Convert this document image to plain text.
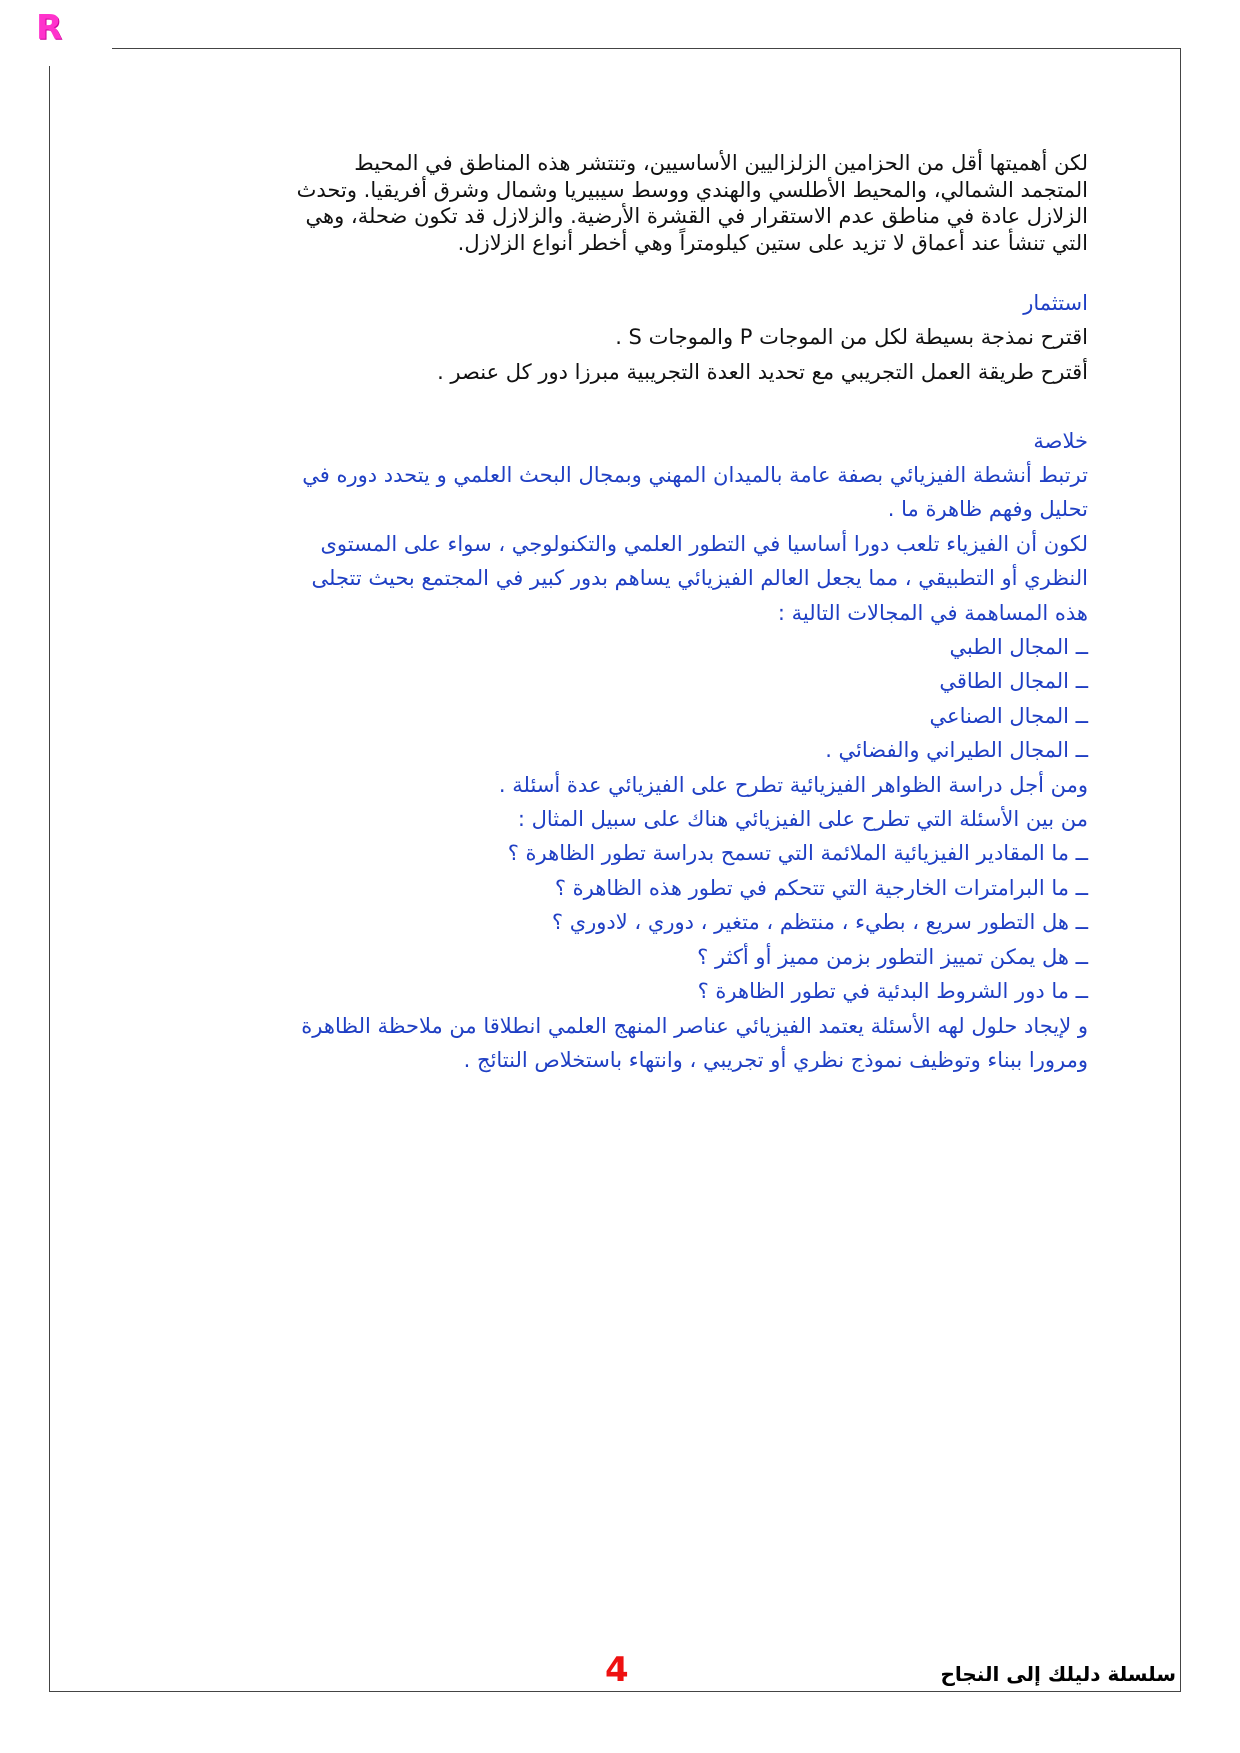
R
لكن أهميتها أقل من الحزامين الزلزاليين الأساسيين، وتنتشر هذه المناطق في المحيط
المتجمد الشمالي، والمحيط الأطلسي والهندي ووسط سيبيريا وشمال وشرق أفريقيا. وتحدث
الزلازل عادة في مناطق عدم الاستقرار في القشرة الأرضية. والزلازل قد تكون ضحلة، وهي
التي تنشأ عند أعماق لا تزيد على ستين كيلومتراً وهي أخطر أنواع الزلازل.
استثمار
اقترح نمذجة بسيطة لكل من الموجات P والموجات S .
أقترح طريقة العمل التجريبي مع تحديد العدة التجريبية مبرزا دور كل عنصر .
خلاصة
ترتبط أنشطة الفيزيائي بصفة عامة بالميدان المهني وبمجال البحث العلمي و يتحدد دوره في
تحليل وفهم ظاهرة ما .
لكون أن الفيزياء تلعب دورا أساسيا في التطور العلمي والتكنولوجي ، سواء على المستوى
النظري أو التطبيقي ، مما يجعل العالم الفيزيائي يساهم بدور كبير في المجتمع بحيث تتجلى
هذه المساهمة في المجالات التالية :
ــ المجال الطبي
ــ المجال الطاقي
ــ المجال الصناعي
ــ المجال الطيراني والفضائي .
ومن أجل دراسة الظواهر الفيزيائية تطرح على الفيزيائي عدة أسئلة .
من بين الأسئلة التي تطرح على الفيزيائي هناك على سبيل المثال :
ــ ما المقادير الفيزيائية الملائمة التي تسمح بدراسة تطور الظاهرة ؟
ــ ما البرامترات الخارجية التي تتحكم في تطور هذه الظاهرة ؟
ــ هل التطور سريع ، بطيء ، منتظم ، متغير ، دوري ، لادوري ؟
ــ هل يمكن تمييز التطور بزمن مميز أو أكثر ؟
ــ ما دور الشروط البدئية في تطور الظاهرة ؟
و لإيجاد حلول لهه الأسئلة يعتمد الفيزيائي عناصر المنهج العلمي انطلاقا من ملاحظة الظاهرة
ومرورا ببناء وتوظيف نموذج نظري أو تجريبي ، وانتهاء باستخلاص النتائج .
سلسلة دليلك إلى النجاح
4
